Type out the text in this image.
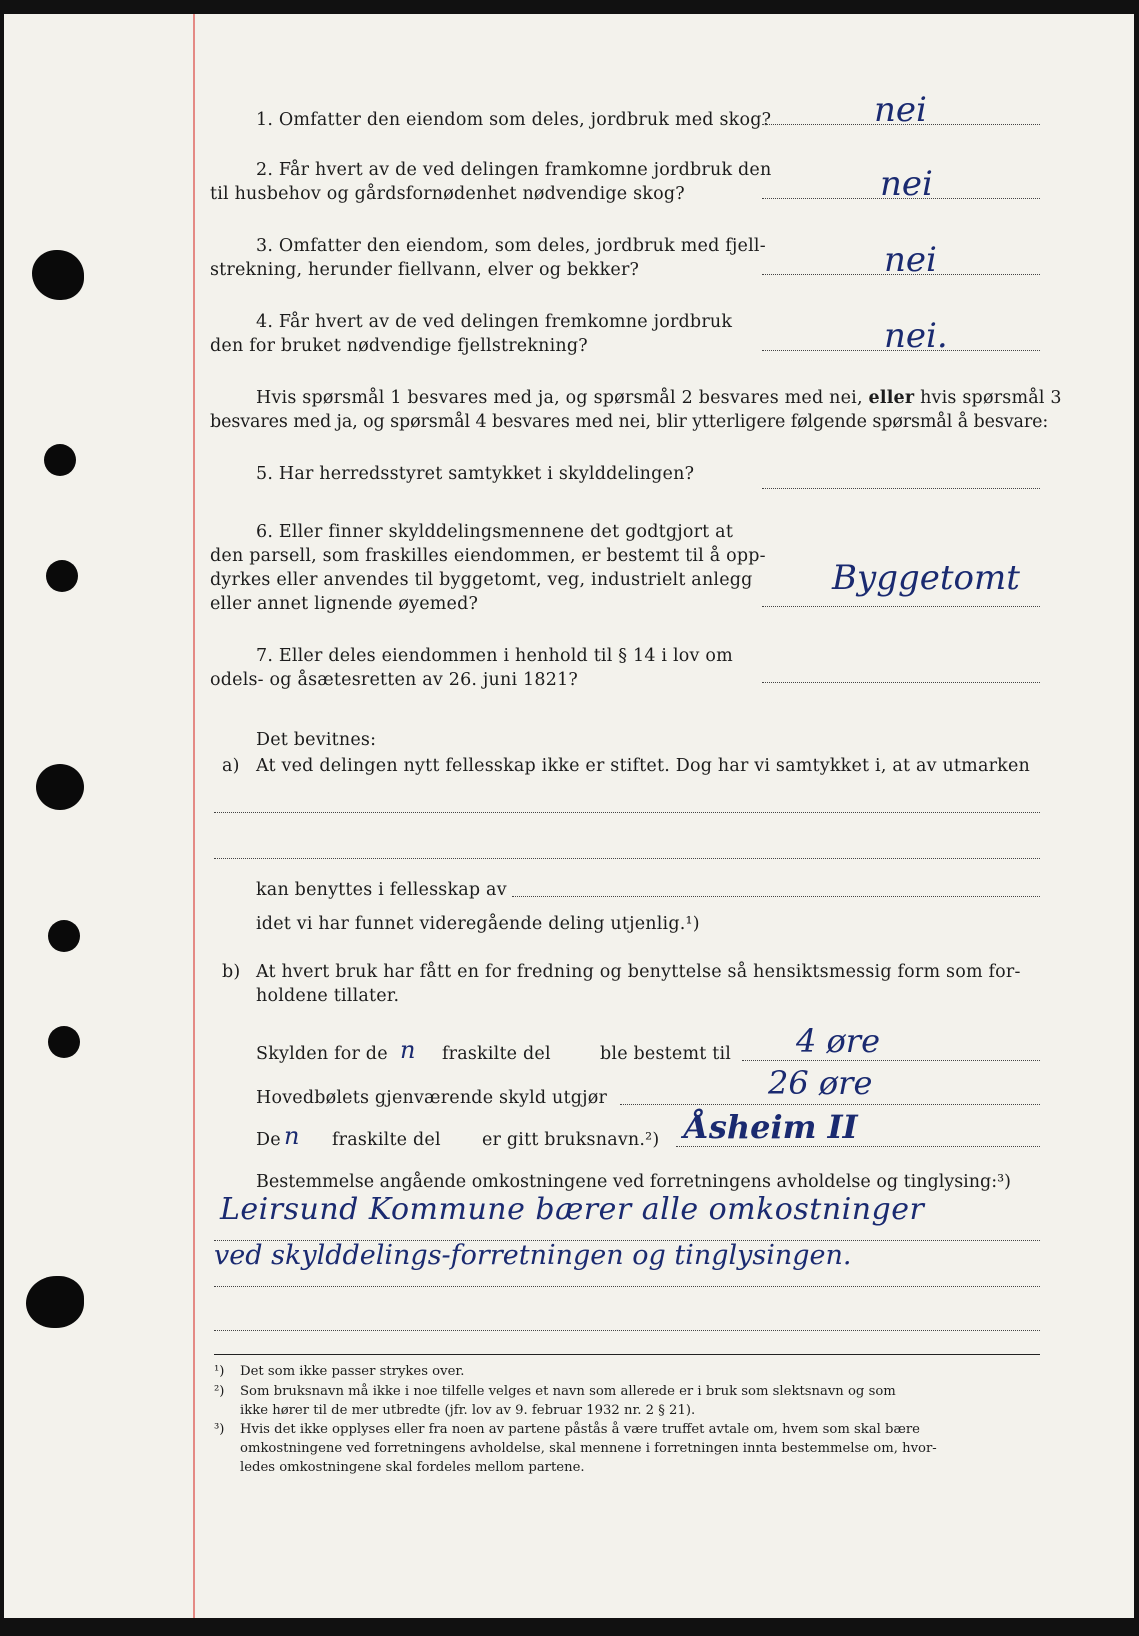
1. Omfatter den eiendom som deles, jordbruk med skog?	nei
2. Får hvert av de ved delingen framkomne jordbruk den
til husbehov og gårdsfornødenhet nødvendige skog?	nei
3. Omfatter den eiendom, som deles, jordbruk med fjell-
strekning, herunder fiellvann, elver og bekker?	nei
4. Får hvert av de ved delingen fremkomne jordbruk
den for bruket nødvendige fjellstrekning?	nei.
Hvis spørsmål 1 besvares med ja, og spørsmål 2 besvares med nei, eller hvis spørsmål 3
besvares med ja, og spørsmål 4 besvares med nei, blir ytterligere følgende spørsmål å besvare:
5. Har herredsstyret samtykket i skylddelingen?
6. Eller finner skylddelingsmennene det godtgjort at
den parsell, som fraskilles eiendommen, er bestemt til å opp-
dyrkes eller anvendes til byggetomt, veg, industrielt anlegg
eller annet lignende øyemed?
Byggetomt
7. Eller deles eiendommen i henhold til § 14 i lov om
odels- og åsætesretten av 26. juni 1821?
Det bevitnes:
a) At ved delingen nytt fellesskap ikke er stiftet. Dog har vi samtykket i, at av utmarken
kan benyttes i fellesskap av
idet vi har funnet videregående deling utjenlig.¹)
b) At hvert bruk har fått en for fredning og benyttelse så hensiktsmessig form som for-
holdene tillater.
Skylden for de n fraskilte del	ble bestemt til 4 øre
Hovedbølets gjenværende skyld utgjør	26 øre
De n fraskilte del er gitt bruksnavn.²) Åsheim II
Bestemmelse angående omkostningene ved forretningens avholdelse og tinglysing:³)
Leirsund Kommune bærer alle omkostninger
ved skylddelings-forretningen og tinglysingen.
¹) Det som ikke passer strykes over.
²) Som bruksnavn må ikke i noe tilfelle velges et navn som allerede er i bruk som slektsnavn og som
ikke hører til de mer utbredte (jfr. lov av 9. februar 1932 nr. 2 § 21).
³) Hvis det ikke opplyses eller fra noen av partene påstås å være truffet avtale om, hvem som skal bære
omkostningene ved forretningens avholdelse, skal mennene i forretningen innta bestemmelse om, hvor-
ledes omkostningene skal fordeles mellom partene.
